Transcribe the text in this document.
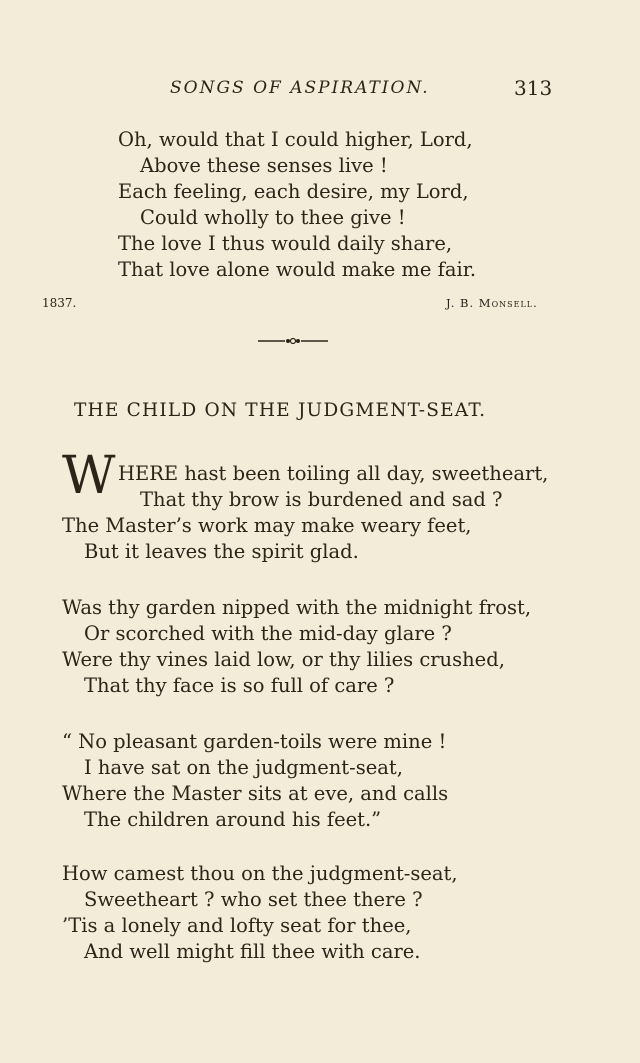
SONGS OF ASPIRATION.	313
Oh, would that I could higher, Lord,
Above these senses live !
Each feeling, each desire, my Lord,
Could wholly to thee give !
The love I thus would daily share,
That love alone would make me fair.
1837.	J. B. Monsell.
THE CHILD ON THE JUDGMENT-SEAT.
W HERE hast been toiling all day, sweetheart,
That thy brow is burdened and sad ?
The Master’s work may make weary feet,
But it leaves the spirit glad.
Was thy garden nipped with the midnight frost,
Or scorched with the mid-day glare ?
Were thy vines laid low, or thy lilies crushed,
That thy face is so full of care ?
“ No pleasant garden-toils were mine !
I have sat on the judgment-seat,
Where the Master sits at eve, and calls
The children around his feet.”
How camest thou on the judgment-seat,
Sweetheart ? who set thee there ?
’Tis a lonely and lofty seat for thee,
And well might fill thee with care.
